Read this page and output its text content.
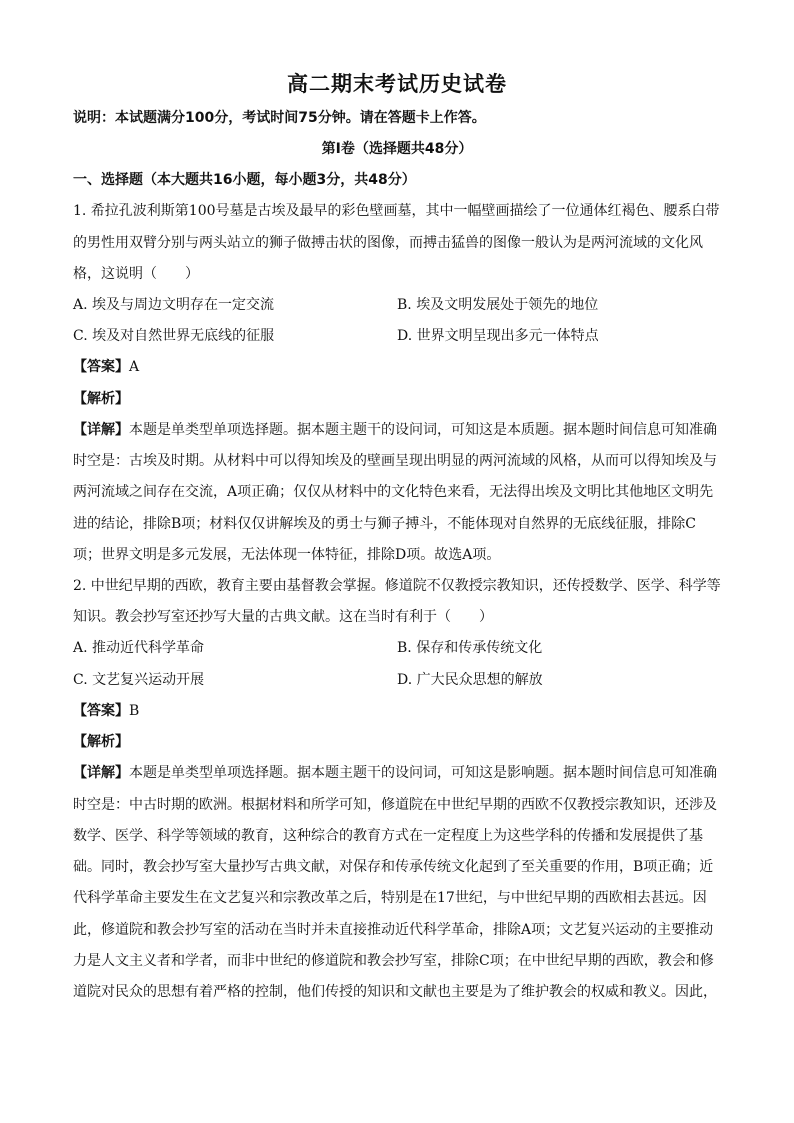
高二期末考试历史试卷
说明：本试题满分100分，考试时间75分钟。请在答题卡上作答。
第Ⅰ卷（选择题共48分）
一、选择题（本大题共16小题，每小题3分，共48分）
1. 希拉孔波利斯第100号墓是古埃及最早的彩色壁画墓，其中一幅壁画描绘了一位通体红褐色、腰系白带
的男性用双臂分别与两头站立的狮子做搏击状的图像，而搏击猛兽的图像一般认为是两河流域的文化风
格，这说明（　　）
A. 埃及与周边文明存在一定交流	B. 埃及文明发展处于领先的地位
C. 埃及对自然世界无底线的征服	D. 世界文明呈现出多元一体特点
【答案】A
【解析】
【详解】本题是单类型单项选择题。据本题主题干的设问词，可知这是本质题。据本题时间信息可知准确
时空是：古埃及时期。从材料中可以得知埃及的壁画呈现出明显的两河流域的风格，从而可以得知埃及与
两河流域之间存在交流，A项正确；仅仅从材料中的文化特色来看，无法得出埃及文明比其他地区文明先
进的结论，排除B项；材料仅仅讲解埃及的勇士与狮子搏斗，不能体现对自然界的无底线征服，排除C
项；世界文明是多元发展，无法体现一体特征，排除D项。故选A项。
2. 中世纪早期的西欧，教育主要由基督教会掌握。修道院不仅教授宗教知识，还传授数学、医学、科学等
知识。教会抄写室还抄写大量的古典文献。这在当时有利于（　　）
A. 推动近代科学革命	B. 保存和传承传统文化
C. 文艺复兴运动开展	D. 广大民众思想的解放
【答案】B
【解析】
【详解】本题是单类型单项选择题。据本题主题干的设问词，可知这是影响题。据本题时间信息可知准确
时空是：中古时期的欧洲。根据材料和所学可知，修道院在中世纪早期的西欧不仅教授宗教知识，还涉及
数学、医学、科学等领域的教育，这种综合的教育方式在一定程度上为这些学科的传播和发展提供了基
础。同时，教会抄写室大量抄写古典文献，对保存和传承传统文化起到了至关重要的作用，B项正确；近
代科学革命主要发生在文艺复兴和宗教改革之后，特别是在17世纪，与中世纪早期的西欧相去甚远。因
此，修道院和教会抄写室的活动在当时并未直接推动近代科学革命，排除A项；文艺复兴运动的主要推动
力是人文主义者和学者，而非中世纪的修道院和教会抄写室，排除C项；在中世纪早期的西欧，教会和修
道院对民众的思想有着严格的控制，他们传授的知识和文献也主要是为了维护教会的权威和教义。因此，
